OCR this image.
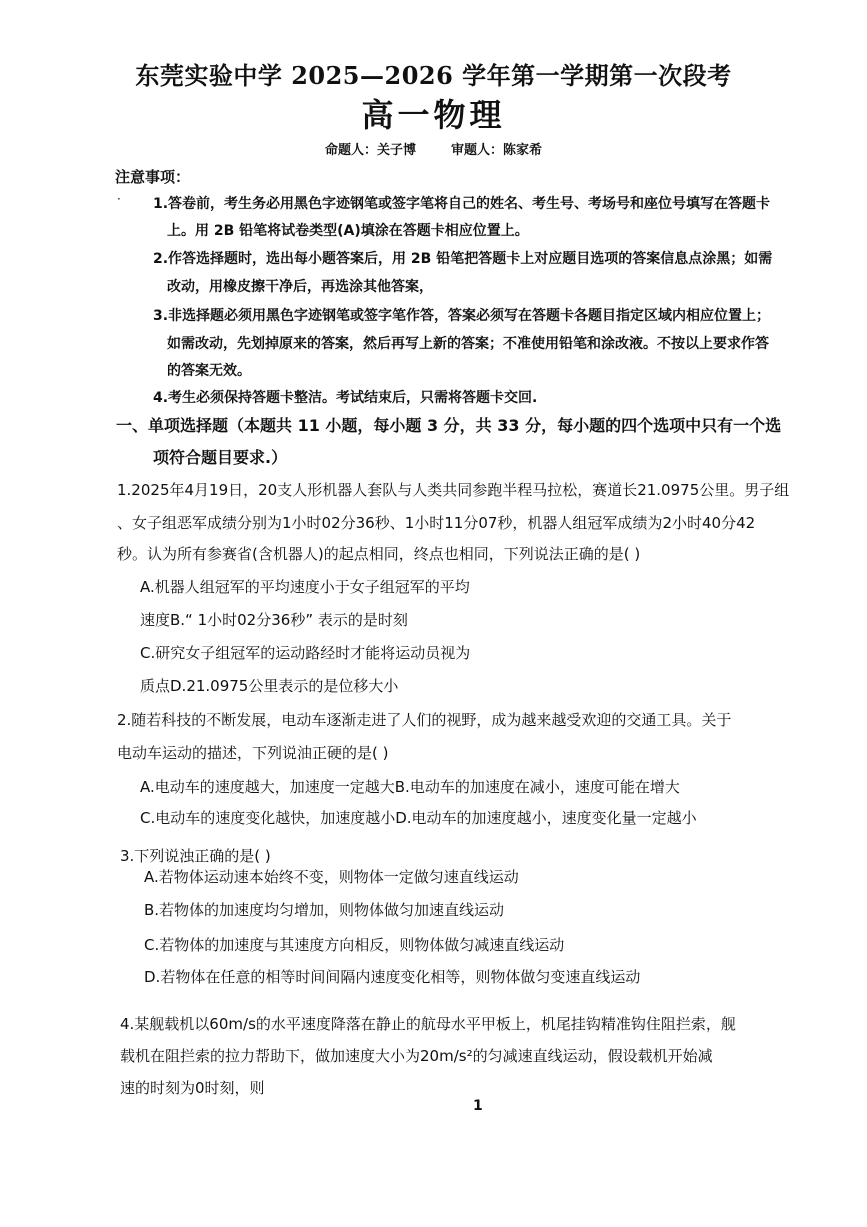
东莞实验中学 2025—2026 学年第一学期第一次段考
高一物理
命题人：关子博	审题人：陈家希
注意事项：
· 1.答卷前，考生务必用黑色字迹钢笔或签字笔将自己的姓名、考生号、考场号和座位号填写在答题卡
上。用 2B 铅笔将试卷类型(A)填涂在答题卡相应位置上。
2.作答选择题时，选出每小题答案后，用 2B 铅笔把答题卡上对应题目选项的答案信息点涂黑；如需
改动，用橡皮擦干净后，再选涂其他答案，
3.非选择题必须用黑色字迹钢笔或签字笔作答，答案必须写在答题卡各题目指定区域内相应位置上；
如需改动，先划掉原来的答案，然后再写上新的答案；不准使用铅笔和涂改液。不按以上要求作答
的答案无效。
4.考生必须保持答题卡整洁。考试结束后，只需将答题卡交回.
一、单项选择题（本题共 11 小题，每小题 3 分，共 33 分，每小题的四个选项中只有一个选
项符合题目要求.）
1.2025年4月19日，20支人形机器人套队与人类共同参跑半程马拉松，赛道长21.0975公里。男子组
、女子组恶军成绩分别为1小时02分36秒、1小时11分07秒，机器人组冠军成绩为2小时40分42
秒。认为所有参赛省(含机器人)的起点相同，终点也相同，下列说法正确的是( )
A.机器人组冠军的平均速度小于女子组冠军的平均
速度B.“ 1小时02分36秒” 表示的是时刻
C.研究女子组冠军的运动路经时才能将运动员视为
质点D.21.0975公里表示的是位移大小
2.随若科技的不断发展，电动车逐渐走进了人们的视野，成为越来越受欢迎的交通工具。关于
电动车运动的描述，下列说油正硬的是( )
A.电动车的速度越大，加速度一定越大B.电动车的加速度在减小，速度可能在增大
C.电动车的速度变化越快，加速度越小D.电动车的加速度越小，速度变化量一定越小
3.下列说浊正确的是( )
A.若物体运动速本始终不变，则物体一定做匀速直线运动
B.若物体的加速度均匀增加，则物体做匀加速直线运动
C.若物体的加速度与其速度方向相反，则物体做匀减速直线运动
D.若物体在任意的相等时间间隔内速度变化相等，则物体做匀变速直线运动
4.某舰载机以60m/s的水平速度降落在静止的航母水平甲板上，机尾挂钩精准钩住阻拦索，舰
载机在阻拦索的拉力帮助下，做加速度大小为20m/s²的匀减速直线运动，假设载机开始减
速的时刻为0时刻，则
1
